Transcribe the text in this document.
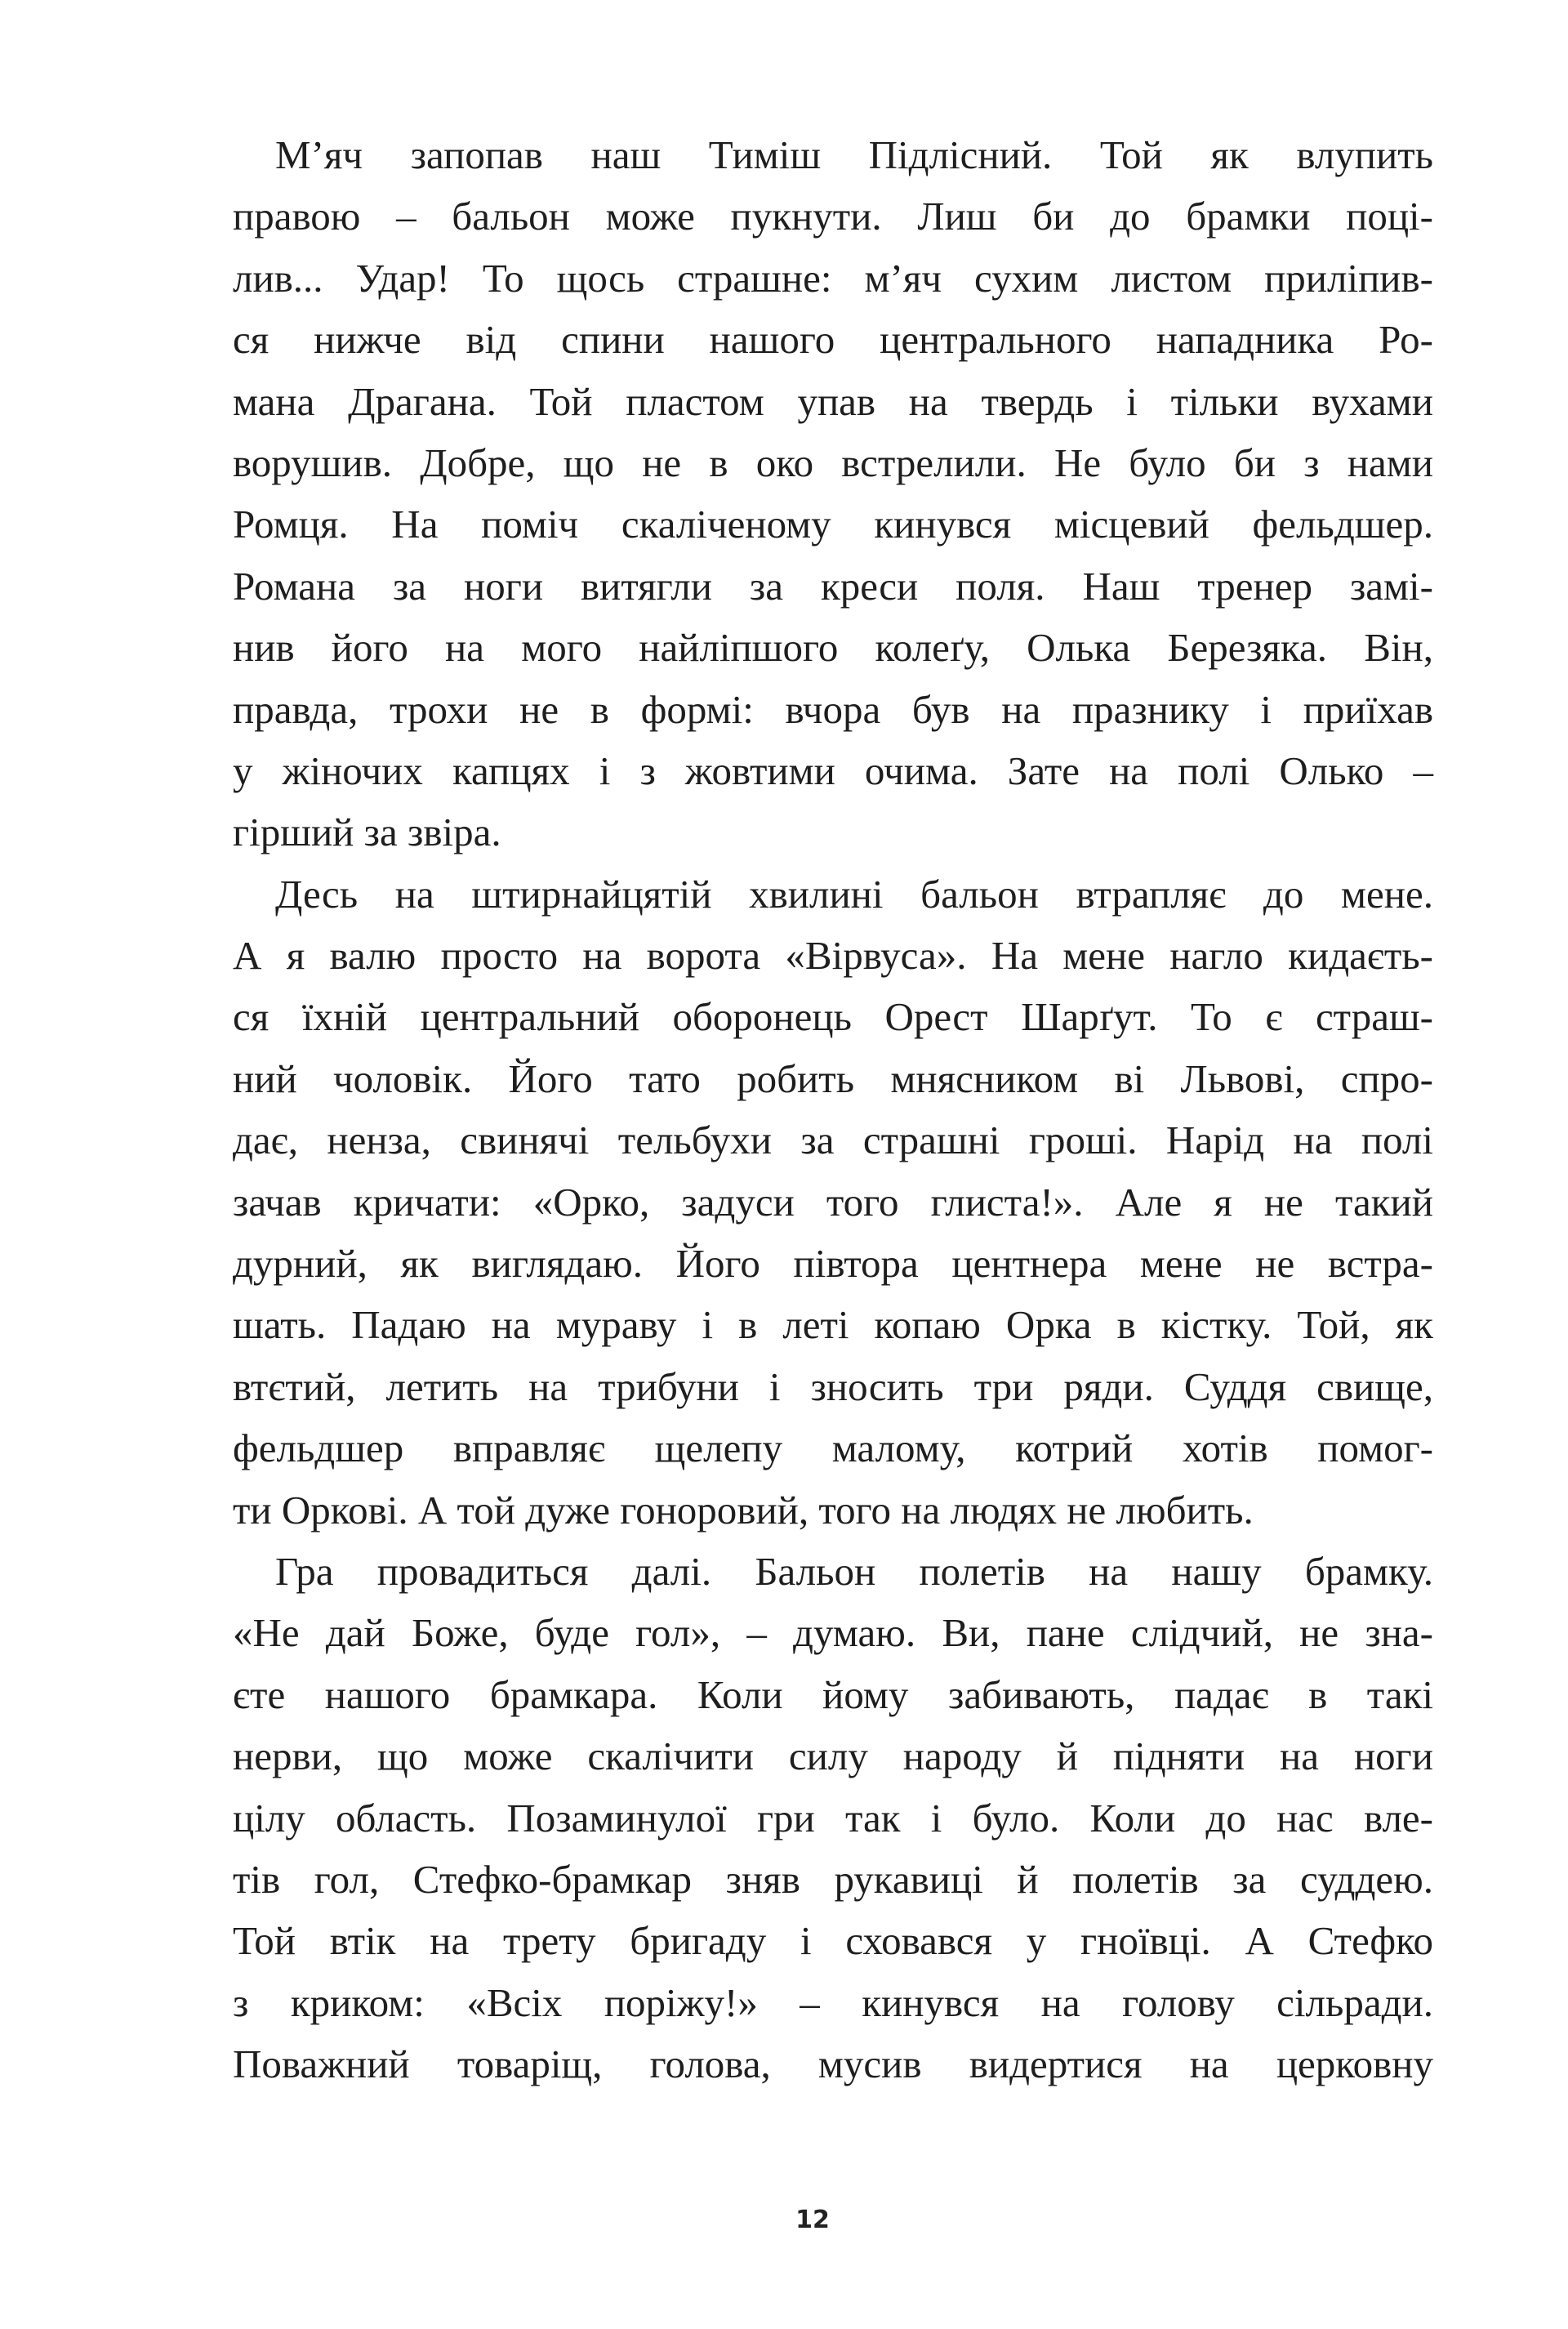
М’яч запопав наш Тиміш Підлісний. Той як влупить
правою – бальон може пукнути. Лиш би до брамки поці-
лив... Удар! То щось страшне: м’яч сухим листом приліпив-
ся нижче від спини нашого центрального нападника Ро-
мана Драгана. Той пластом упав на твердь і тільки вухами
ворушив. Добре, що не в око встрелили. Не було би з нами
Ромця. На поміч скаліченому кинувся місцевий фельдшер.
Романа за ноги витягли за креси поля. Наш тренер замі-
нив його на мого найліпшого колеґу, Олька Березяка. Він,
правда, трохи не в формі: вчора був на празнику і приїхав
у жіночих капцях і з жовтими очима. Зате на полі Олько –
гірший за звіра.
Десь на штирнайцятій хвилині бальон втрапляє до мене.
А я валю просто на ворота «Вірвуса». На мене нагло кидаєть-
ся їхній центральний оборонець Орест Шарґут. То є страш-
ний чоловік. Його тато робить мнясником ві Львові, спро-
дає, ненза, свинячі тельбухи за страшні гроші. Нарід на полі
зачав кричати: «Орко, задуси того глиста!». Але я не такий
дурний, як виглядаю. Його півтора центнера мене не встра-
шать. Падаю на мураву і в леті копаю Орка в кістку. Той, як
втєтий, летить на трибуни і зносить три ряди. Суддя свище,
фельдшер вправляє щелепу малому, котрий хотів помог-
ти Оркові. А той дуже гоноровий, того на людях не любить.
Гра провадиться далі. Бальон полетів на нашу брамку.
«Не дай Боже, буде гол», – думаю. Ви, пане слідчий, не зна-
єте нашого брамкара. Коли йому забивають, падає в такі
нерви, що може скалічити силу народу й підняти на ноги
цілу область. Позаминулої гри так і було. Коли до нас вле-
тів гол, Стефко-брамкар зняв рукавиці й полетів за суддею.
Той втік на трету бригаду і сховався у гноївці. А Стефко
з криком: «Всіх поріжу!» – кинувся на голову сільради.
Поважний товаріщ, голова, мусив видертися на церковну
12
